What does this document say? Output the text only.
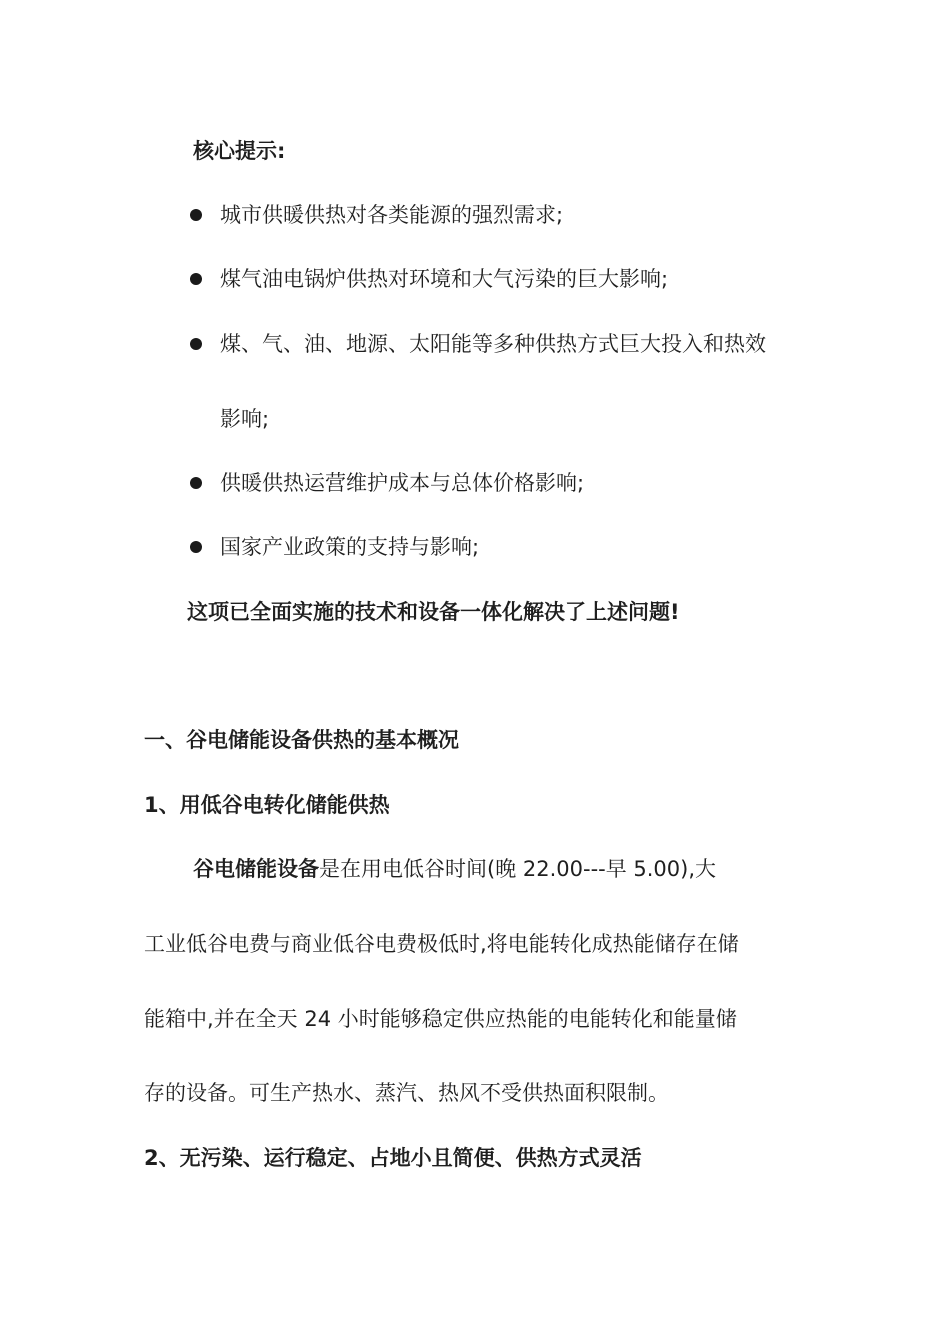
核心提示:
城市供暖供热对各类能源的强烈需求;
煤气油电锅炉供热对环境和大气污染的巨大影响;
煤、气、油、地源、太阳能等多种供热方式巨大投入和热效
影响;
供暖供热运营维护成本与总体价格影响;
国家产业政策的支持与影响;
这项已全面实施的技术和设备一体化解决了上述问题!
一、谷电储能设备供热的基本概况
1、用低谷电转化储能供热
谷电储能设备是在用电低谷时间(晚 22.00---早 5.00),大
工业低谷电费与商业低谷电费极低时,将电能转化成热能储存在储
能箱中,并在全天 24 小时能够稳定供应热能的电能转化和能量储
存的设备。可生产热水、蒸汽、热风不受供热面积限制。
2、无污染、运行稳定、占地小且简便、供热方式灵活
